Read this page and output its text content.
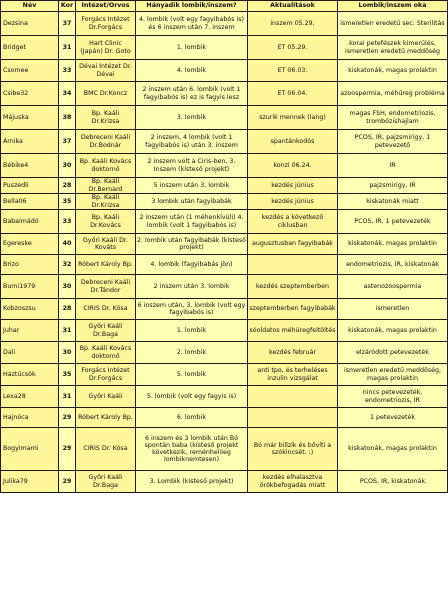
Név	Kor	Intézet/Orvos	Hányadik lombik/inszem?	Aktualitások	Lombik/inszem oka
Dezsina	37	Forgács Intézet Dr.Forgács	4. lombik (volt egy fagyibabós is) és 6 inszem után 7. inszem	inszem 05.29.	ismeretlen eredetű sec. Sterilitás
Bridget	31	Hart Clinic (Japán) Dr. Goto	1. lombik	ET 05.29.	korai petefészek kimerülés, ismeretlen eredetű meddőség
Csomee	33	Dévai Intézet Dr. Dévai	4. lombik	ET 06.03.	kiskatonák, magas prolaktin
Csibe32	34	BMC Dr.Koncz	2 inszem után 6. lombik (volt 1 fagyibabós is) ez is fagyis lesz	ET 06.04.	azoospermia, méhűreg probléma
Májuska	38	Bp. Kaáli Dr.Krizsa	3. lombik	szurik mennek (lang)	magas FSH, endometriozis, trombózishajlam
Árnika	37	Debreceni Kaáli Dr.Bodnár	2 inszem, 4 lombik (volt 1 fagyibabós is) után 3. inszem	spantánkodós	PCOS, IR, pajzsmirigy, 1 petevezető
Bébike4	30	Bp. Kaáli Kovács doktornő	2 inszem volt a Ciris-ben, 3. Inszem (kísteső projekt)	konzi 06.24.	IR
Puszedli	28	Bp. Kaáli Dr.Bernard	5 inszem után 3. lombik	kezdés június	pajzsmirigy, IR
Bella06	35	Bp. Kaáli Dr.Krizsa	3 lombik után fagyibabák	kezdés június	kiskatonák miatt
Babaimádó	33	Bp. Kaáli Dr.Kovács	2 inszem után (1 méhenkívüli) 4. lombik (volt 1 fagyibabós is)	kezdés a következő ciklusban	PCOS, IR, 1 petevezeték
Egereske	40	Győri Kaáli Dr. Kováts	2. lombik után fagyibabák (kísteső projekt)	augusztusban fagyibabák	kiskatonák, magas prolaktin
Brizo	32	Róbert Károly Bp.	4. lombik (fagyibabás jön)		endometriozis, IR, kiskatonák
Bumi1979	30	Debreceni Kaáli Dr.Tándor	2 inszem után 3. lombik	kezdés szeptemberben	astenozoospermia
Kobzoszsu	28	CIRIS Dr. Kósa	6 inszem után, 3. lombik (volt egy fagyibabós is)	szeptemberben fagyibabák	ismeretlen
Juhar	31	Győri Kaáli Dr.Baga	1. lombik	sóoldatos méhüregfeltöltés	kiskatonák, magas prolaktin
Dali	30	Bp. Kaáli Kovács doktornő	2. lombik	kezdés február	elzáródott petevezeték
Háztűcsök	35	Forgács Intézet Dr.Forgács	5. lombik	anti tpo, és terheléses inzulin vizsgálat	ismeretlen eredetű meddőség, magas prolaktin
Lexa28	31	Győri Kaáli	5. lombik (volt egy fagyis is)		nincs petevezeték, endometriozis, IR
Hajnóca	29	Róbert Károly Bp.	6. lombik		1 petevezeték
Bogyimami	29	CIRIS Dr. Kósa	6 inszem és 3 lombik után Bó spontán baba (kísteső projekt következik, reménhelileg lombiknemtesen)	Bó már billzik és bővíti a szókincsét. :)	kiskatonák, magas prolaktin
Julika79	29	Győri Kaáli Dr.Baga	3. Lombik (kísteső projekt)	kezdés elhalasztva örökbefogadás miatt	PCOS, IR, kiskatonák
